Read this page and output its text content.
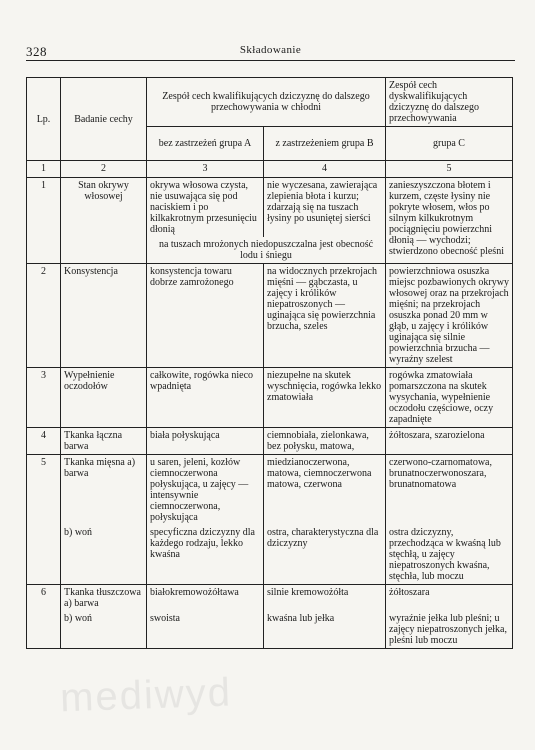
328	Składowanie
Lp.	Badanie cechy	Zespół cech kwalifikujących dziczyznę do dalszego przechowywania w chłodni		Zespół cech dyskwalifikujących dziczyznę do dalszego przechowywania
		bez zastrzeżeń grupa A	z zastrzeżeniem grupa B	grupa C
1	2	3	4	5
1	Stan okrywy włosowej	okrywa włosowa czysta, nie usuwająca się pod naciskiem i po kilkakrotnym przesunięciu dłonią	nie wyczesana, zawierająca zlepienia błota i kurzu; zdarzają się na tuszach łysiny po usuniętej sierści	zanieszyszczona błotem i kurzem, częste łysiny nie pokryte włosem, włos po silnym kilkukrotnym pociągnięciu powierzchni dłonią — wychodzi; stwierdzono obecność pleśni
		na tuszach mrożonych niedopuszczalna jest obecność lodu i śniegu		
2	Konsystencja	konsystencja towaru dobrze zamrożonego	na widocznych przekrojach mięśni — gąbczasta, u zajęcy i królików niepatroszonych — uginająca się powierzchnia brzucha, szeles	powierzchniowa osuszka miejsc pozbawionych okrywy włosowej oraz na przekrojach mięśni; na przekrojach osuszka ponad 20 mm w głąb, u zajęcy i królików uginająca się silnie powierzchnia brzucha — wyraźny szelest
3	Wypełnienie oczodołów	całkowite, rogówka nieco wpadnięta	niezupełne na skutek wyschnięcia, rogówka lekko zmatowiała	rogówka zmatowiała pomarszczona na skutek wysychania, wypełnienie oczodołu częściowe, oczy zapadnięte
4	Tkanka łączna barwa	biała połyskująca	ciemnobiała, zielonkawa, bez połysku, matowa,	żółtoszara, szarozielona
5	Tkanka mięsna a) barwa	u saren, jeleni, kozłów ciemnoczerwona połyskująca, u zajęcy — intensywnie ciemnoczerwona, połyskująca	miedzianoczerwona, matowa, ciemnoczerwona matowa, czerwona	czerwono-czarnomatowa, brunatnoczerwonoszara, brunatnomatowa
	b) woń	specyficzna dziczyzny dla każdego rodzaju, lekko kwaśna	ostra, charakterystyczna dla dziczyzny	ostra dziczyzny, przechodząca w kwaśną lub stęchłą, u zajęcy niepatroszonych kwaśna, stęchła, lub moczu
6	Tkanka tłuszczowa a) barwa	białokremowożółtawa	silnie kremowożółta	żółtoszara
	b) woń	swoista	kwaśna lub jełka	wyraźnie jełka lub pleśni; u zajęcy niepatroszonych jełka, pleśni lub moczu
mediwyd
